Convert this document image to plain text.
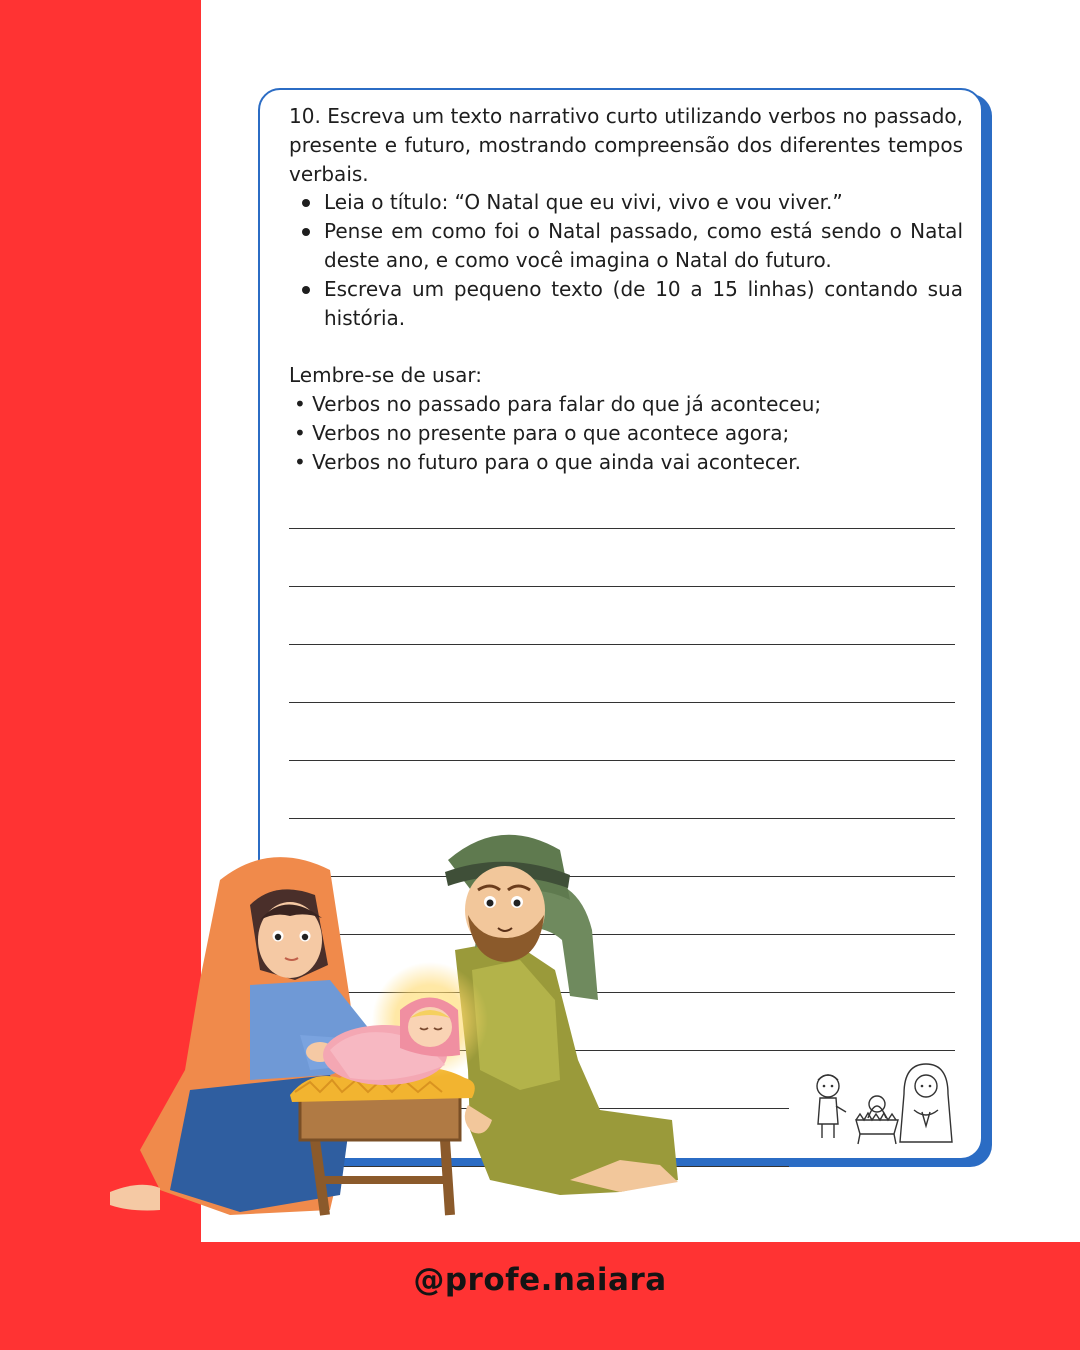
10. Escreva um texto narrativo curto utilizando verbos no passado, presente e futuro, mostrando compreensão dos diferentes tempos verbais.

Leia o título: “O Natal que eu vivi, vivo e vou viver.”
Pense em como foi o Natal passado, como está sendo o Natal deste ano, e como você imagina o Natal do futuro.
Escreva um pequeno texto (de 10 a 15 linhas) contando sua história.

Lembre-se de usar:

• Verbos no passado para falar do que já aconteceu;

• Verbos no presente para o que acontece agora;

• Verbos no futuro para o que ainda vai acontecer.

@profe.naiara
